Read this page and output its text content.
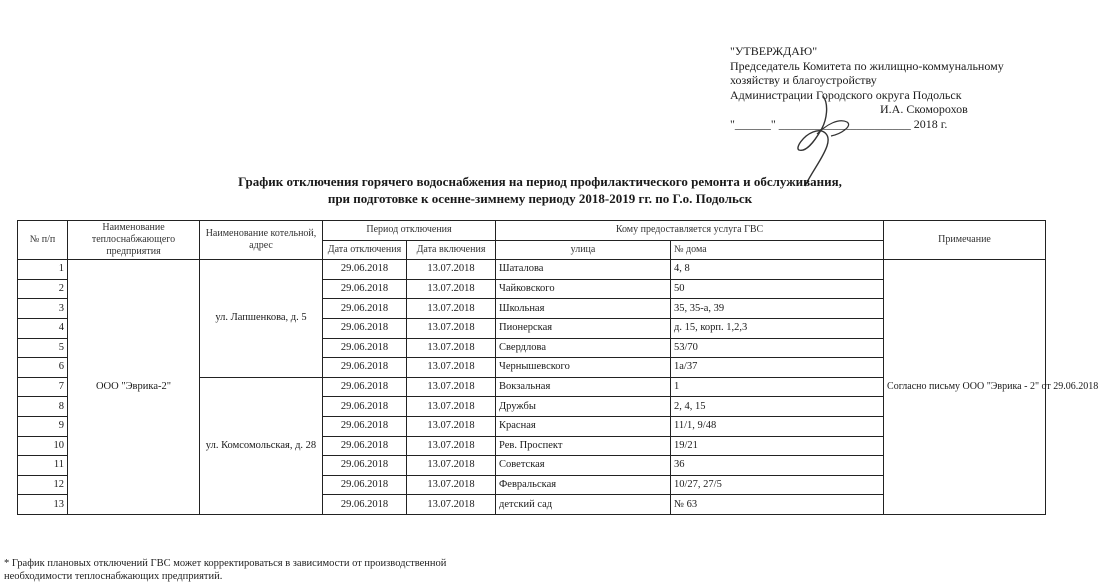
"УТВЕРЖДАЮ"
Председатель Комитета по жилищно-коммунальному
хозяйству и благоустройству
Администрации Городского округа Подольск
И.А. Скоморохов
"______" ______________________ 2018 г.
График отключения горячего водоснабжения на период профилактического ремонта и обслуживания,
при подготовке к осенне-зимнему периоду 2018-2019 гг. по Г.о. Подольск
№ п/п	Наименование теплоснабжающего предприятия	Наименование котельной, адрес	Период отключения		Кому предоставляется услуга ГВС		Примечание
			Дата отключения	Дата включения	улица	№ дома	
1	ООО "Эврика-2"	ул. Лапшенкова, д. 5	29.06.2018	13.07.2018	Шаталова	4, 8	Согласно письму ООО "Эврика - 2" от 29.06.2018
2			29.06.2018	13.07.2018	Чайковского	50	
3			29.06.2018	13.07.2018	Школьная	35, 35-а, 39	
4			29.06.2018	13.07.2018	Пионерская	д. 15, корп. 1,2,3	
5			29.06.2018	13.07.2018	Свердлова	53/70	
6			29.06.2018	13.07.2018	Чернышевского	1а/37	
7		ул. Комсомольская, д. 28	29.06.2018	13.07.2018	Вокзальная	1	
8			29.06.2018	13.07.2018	Дружбы	2, 4, 15	
9			29.06.2018	13.07.2018	Красная	11/1, 9/48	
10			29.06.2018	13.07.2018	Рев. Проспект	19/21	
11			29.06.2018	13.07.2018	Советская	36	
12			29.06.2018	13.07.2018	Февральская	10/27, 27/5	
13			29.06.2018	13.07.2018	детский сад	№ 63	
* График плановых отключений ГВС может корректироваться в зависимости от производственной
необходимости теплоснабжающих предприятий.
